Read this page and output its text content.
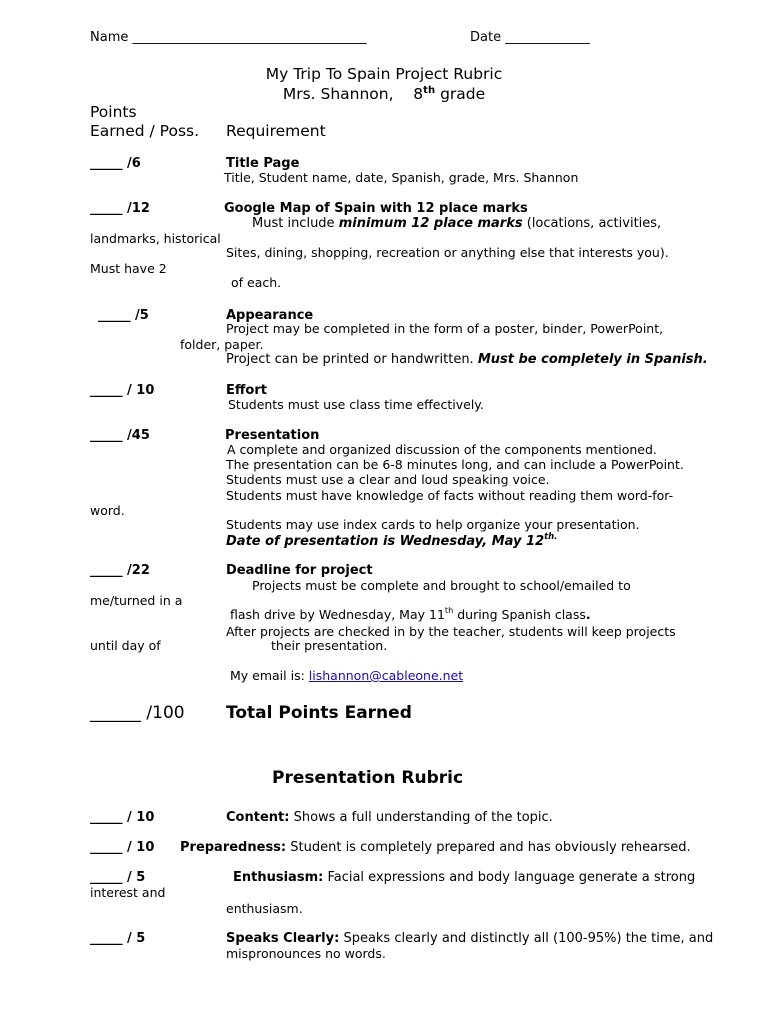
Name ____________________________________	Date _____________
My Trip To Spain Project Rubric
Mrs. Shannon, 8th grade
Points
Earned / Poss. Requirement
_____ /6	Title Page
Title, Student name, date, Spanish, grade, Mrs. Shannon
_____ /12	Google Map of Spain with 12 place marks
Must include minimum 12 place marks (locations, activities,
landmarks, historical
Sites, dining, shopping, recreation or anything else that interests you).
Must have 2
of each.
_____ /5	Appearance
Project may be completed in the form of a poster, binder, PowerPoint,
folder, paper.
Project can be printed or handwritten. Must be completely in Spanish.
_____ / 10	Effort
Students must use class time effectively.
_____ /45	Presentation
A complete and organized discussion of the components mentioned.
The presentation can be 6-8 minutes long, and can include a PowerPoint.
Students must use a clear and loud speaking voice.
Students must have knowledge of facts without reading them word-for-
word.
Students may use index cards to help organize your presentation.
Date of presentation is Wednesday, May $12^{th.}$
_____ /22	Deadline for project
Projects must be complete and brought to school/emailed to
me/turned in a
flash drive by Wednesday, May 11th during Spanish class.
After projects are checked in by the teacher, students will keep projects
until day of	their presentation.
My email is: lishannon@cableone.net
______ /100 Total Points Earned
Presentation Rubric
_____ / 10	Content: Shows a full understanding of the topic.
_____ / 10 Preparedness: Student is completely prepared and has obviously rehearsed.
_____ / 5	Enthusiasm: Facial expressions and body language generate a strong
interest and
enthusiasm.
_____ / 5	Speaks Clearly: Speaks clearly and distinctly all (100-95%) the time, and
mispronounces no words.
